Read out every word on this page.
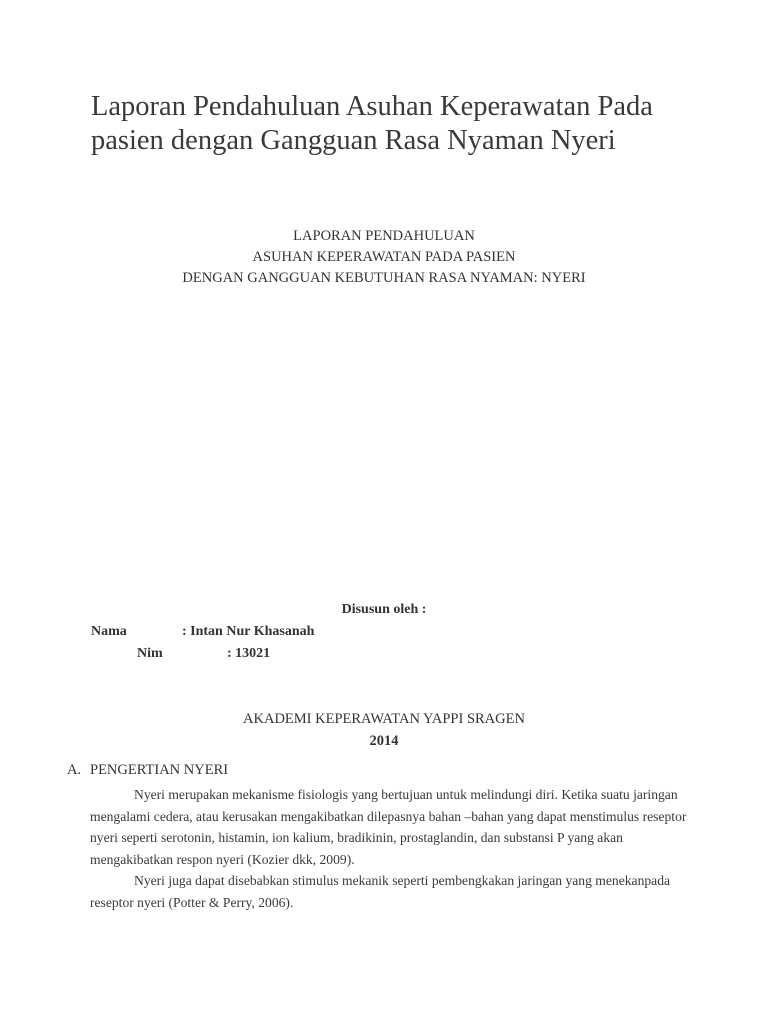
Laporan Pendahuluan Asuhan Keperawatan Pada pasien dengan Gangguan Rasa Nyaman Nyeri
LAPORAN PENDAHULUAN
ASUHAN KEPERAWATAN PADA PASIEN
DENGAN GANGGUAN KEBUTUHAN RASA NYAMAN: NYERI
Disusun oleh :
Nama	: Intan Nur Khasanah
Nim	: 13021
AKADEMI KEPERAWATAN YAPPI SRAGEN
2014
A. PENGERTIAN NYERI

Nyeri merupakan mekanisme fisiologis yang bertujuan untuk melindungi diri. Ketika suatu jaringan mengalami cedera, atau kerusakan mengakibatkan dilepasnya bahan –bahan yang dapat menstimulus reseptor nyeri seperti serotonin, histamin, ion kalium, bradikinin, prostaglandin, dan substansi P yang akan mengakibatkan respon nyeri (Kozier dkk, 2009).

Nyeri juga dapat disebabkan stimulus mekanik seperti pembengkakan jaringan yang menekanpada reseptor nyeri (Potter & Perry, 2006).
